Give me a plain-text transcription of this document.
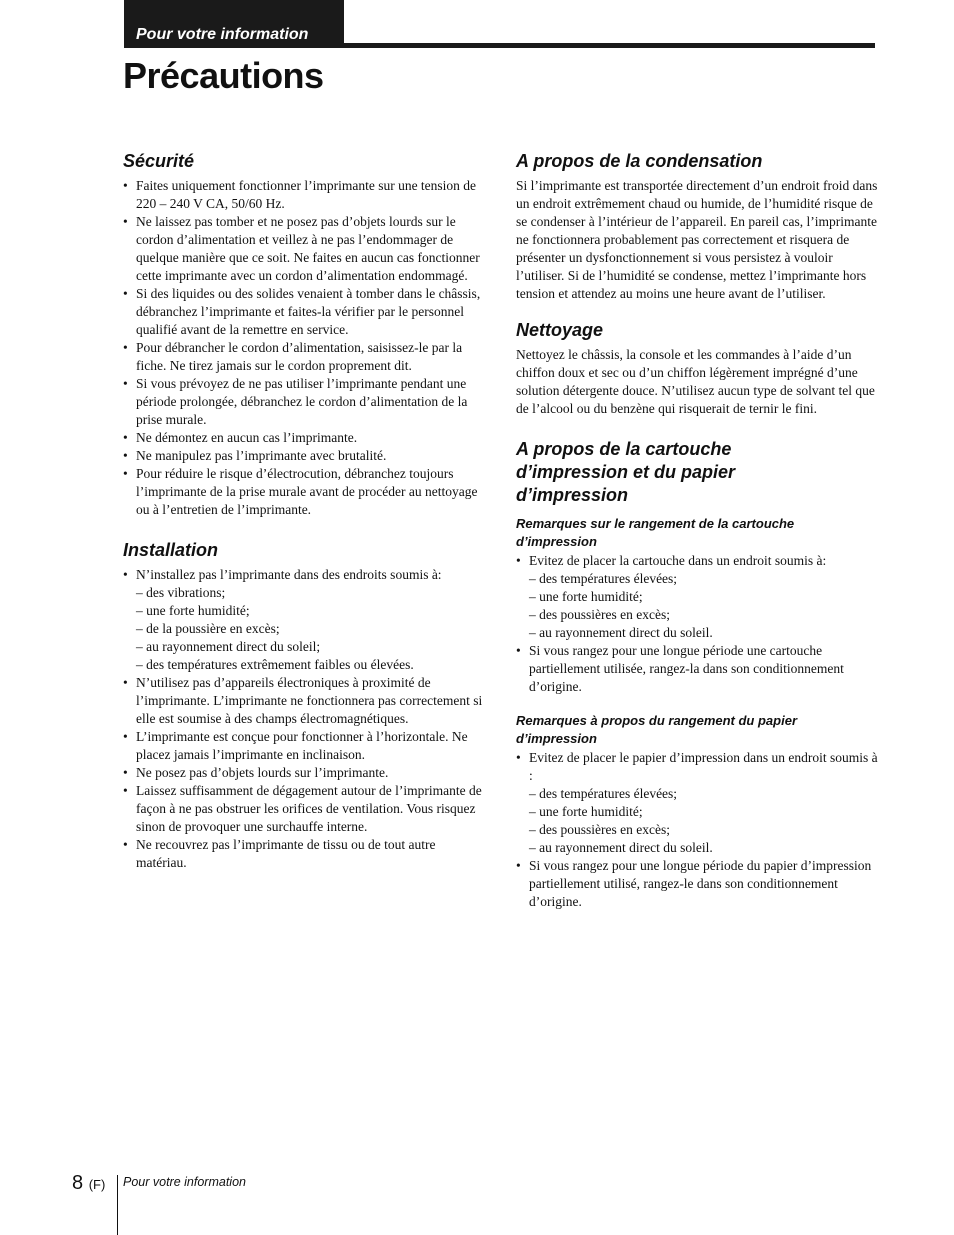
Pour votre information
Précautions
Sécurité
• Faites uniquement fonctionner l’imprimante sur une tension de 220 – 240 V CA, 50/60 Hz.
• Ne laissez pas tomber et ne posez pas d’objets lourds sur le cordon d’alimentation et veillez à ne pas l’endommager de quelque manière que ce soit. Ne faites en aucun cas fonctionner cette imprimante avec un cordon d’alimentation endommagé.
• Si des liquides ou des solides venaient à tomber dans le châssis, débranchez l’imprimante et faites-la vérifier par le personnel qualifié avant de la remettre en service.
• Pour débrancher le cordon d’alimentation, saisissez-le par la fiche. Ne tirez jamais sur le cordon proprement dit.
• Si vous prévoyez de ne pas utiliser l’imprimante pendant une période prolongée, débranchez le cordon d’alimentation de la prise murale.
• Ne démontez en aucun cas l’imprimante.
• Ne manipulez pas l’imprimante avec brutalité.
• Pour réduire le risque d’électrocution, débranchez toujours l’imprimante de la prise murale avant de procéder au nettoyage ou à l’entretien de l’imprimante.
Installation
• N’installez pas l’imprimante dans des endroits soumis à:
– des vibrations;
– une forte humidité;
– de la poussière en excès;
– au rayonnement direct du soleil;
– des températures extrêmement faibles ou élevées.
• N’utilisez pas d’appareils électroniques à proximité de l’imprimante. L’imprimante ne fonctionnera pas correctement si elle est soumise à des champs électromagnétiques.
• L’imprimante est conçue pour fonctionner à l’horizontale. Ne placez jamais l’imprimante en inclinaison.
• Ne posez pas d’objets lourds sur l’imprimante.
• Laissez suffisamment de dégagement autour de l’imprimante de façon à ne pas obstruer les orifices de ventilation. Vous risquez sinon de provoquer une surchauffe interne.
• Ne recouvrez pas l’imprimante de tissu ou de tout autre matériau.
A propos de la condensation

Si l’imprimante est transportée directement d’un endroit froid dans un endroit extrêmement chaud ou humide, de l’humidité risque de se condenser à l’intérieur de l’appareil. En pareil cas, l’imprimante ne fonctionnera probablement pas correctement et risquera de présenter un dysfonctionnement si vous persistez à vouloir l’utiliser. Si de l’humidité se condense, mettez l’imprimante hors tension et attendez au moins une heure avant de l’utiliser.

Nettoyage

Nettoyez le châssis, la console et les commandes à l’aide d’un chiffon doux et sec ou d’un chiffon légèrement imprégné d’une solution détergente douce. N’utilisez aucun type de solvant tel que de l’alcool ou du benzène qui risquerait de ternir le fini.

A propos de la cartouche
d’impression et du papier
d’impression
Remarques sur le rangement de la cartouche d’impression
• Evitez de placer la cartouche dans un endroit soumis à:
– des températures élevées;
– une forte humidité;
– des poussières en excès;
– au rayonnement direct du soleil.
• Si vous rangez pour une longue période une cartouche partiellement utilisée, rangez-la dans son conditionnement d’origine.
Remarques à propos du rangement du papier d’impression
• Evitez de placer le papier d’impression dans un endroit soumis à :
– des températures élevées;
– une forte humidité;
– des poussières en excès;
– au rayonnement direct du soleil.
• Si vous rangez pour une longue période du papier d’impression partiellement utilisé, rangez-le dans son conditionnement d’origine.
8 (F) Pour votre information
